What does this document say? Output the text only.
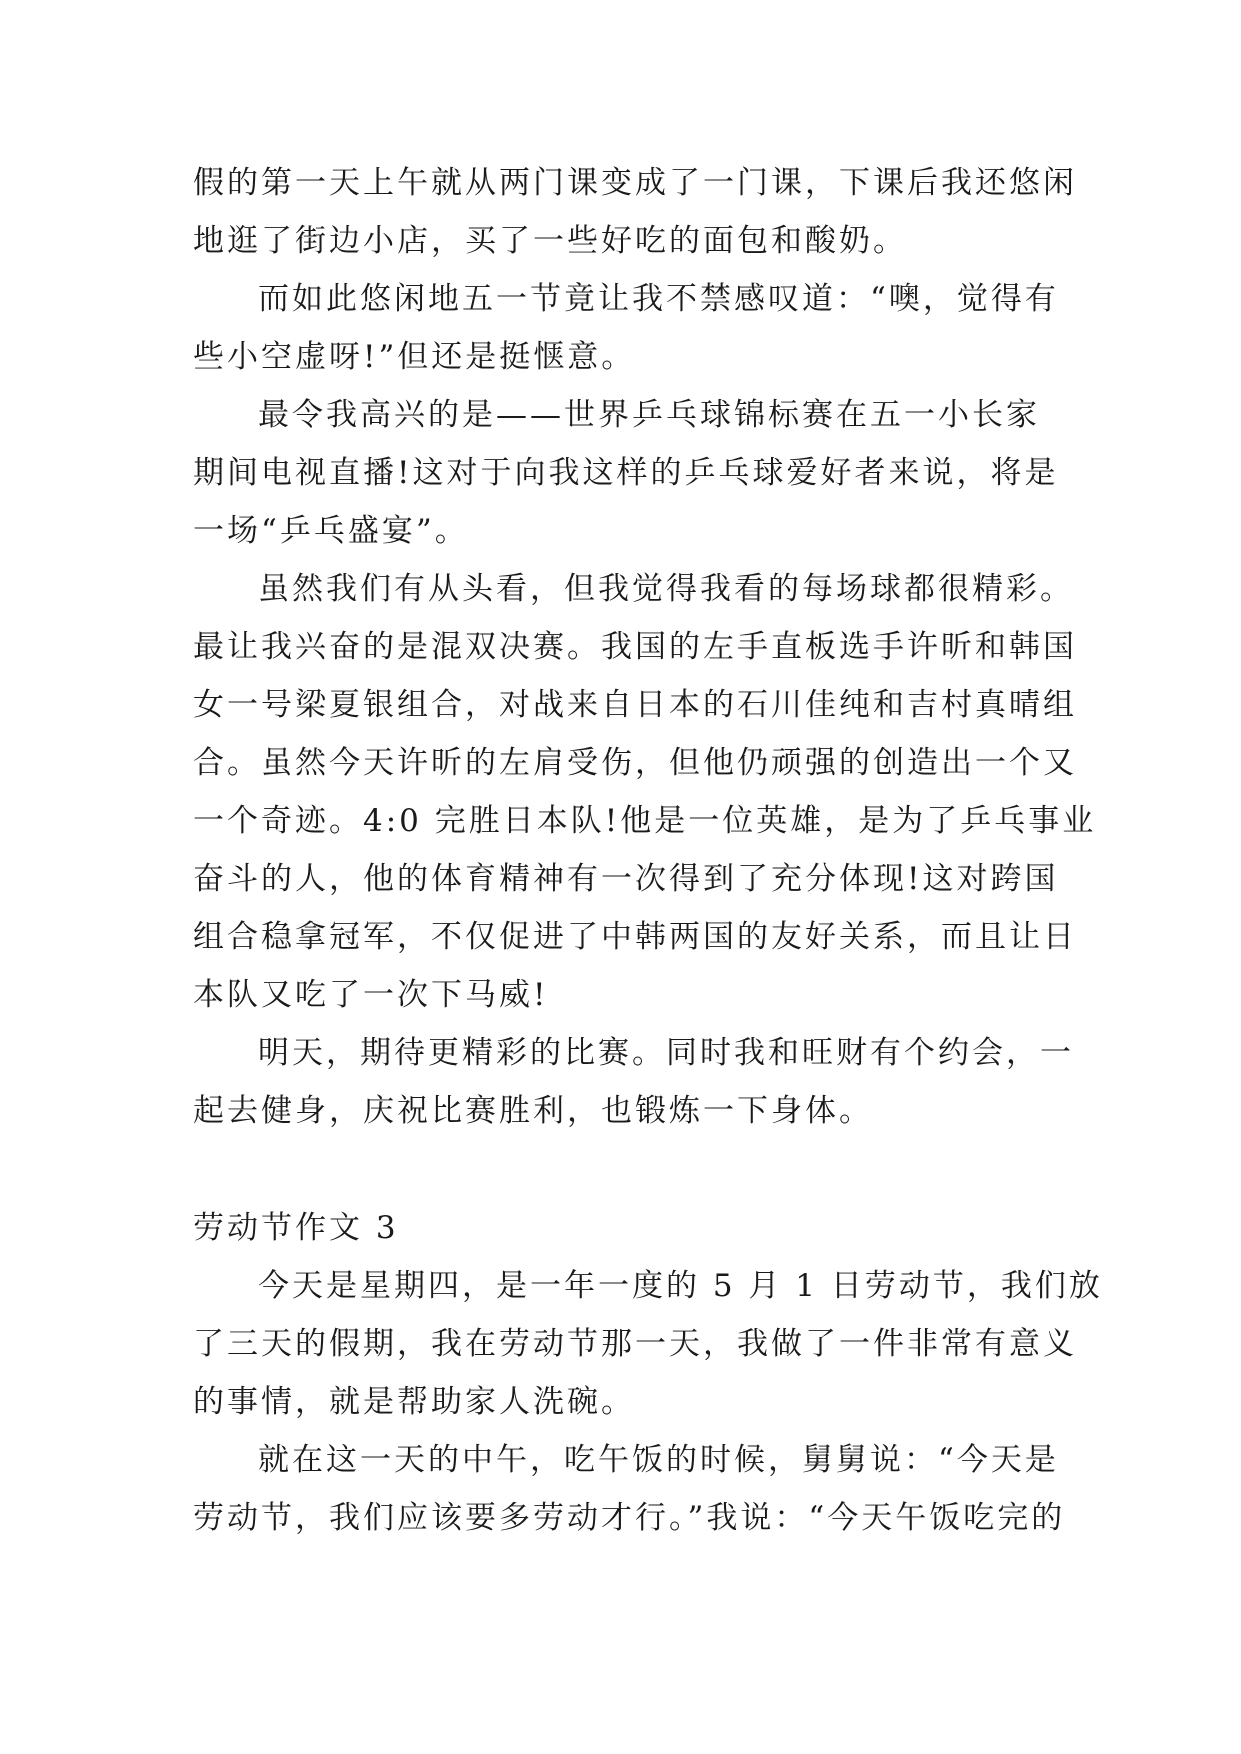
假的第一天上午就从两门课变成了一门课，下课后我还悠闲
地逛了街边小店，买了一些好吃的面包和酸奶。
而如此悠闲地五一节竟让我不禁感叹道：“噢，觉得有
些小空虚呀!”但还是挺惬意。
最令我高兴的是——世界乒乓球锦标赛在五一小长家
期间电视直播!这对于向我这样的乒乓球爱好者来说，将是
一场“乒乓盛宴”。
虽然我们有从头看，但我觉得我看的每场球都很精彩。
最让我兴奋的是混双决赛。我国的左手直板选手许昕和韩国
女一号梁夏银组合，对战来自日本的石川佳纯和吉村真晴组
合。虽然今天许昕的左肩受伤，但他仍顽强的创造出一个又
一个奇迹。4:0 完胜日本队!他是一位英雄，是为了乒乓事业
奋斗的人，他的体育精神有一次得到了充分体现!这对跨国
组合稳拿冠军，不仅促进了中韩两国的友好关系，而且让日
本队又吃了一次下马威!
明天，期待更精彩的比赛。同时我和旺财有个约会，一
起去健身，庆祝比赛胜利，也锻炼一下身体。
劳动节作文 3
今天是星期四，是一年一度的 5 月 1 日劳动节，我们放
了三天的假期，我在劳动节那一天，我做了一件非常有意义
的事情，就是帮助家人洗碗。
就在这一天的中午，吃午饭的时候，舅舅说：“今天是
劳动节，我们应该要多劳动才行。”我说：“今天午饭吃完的
